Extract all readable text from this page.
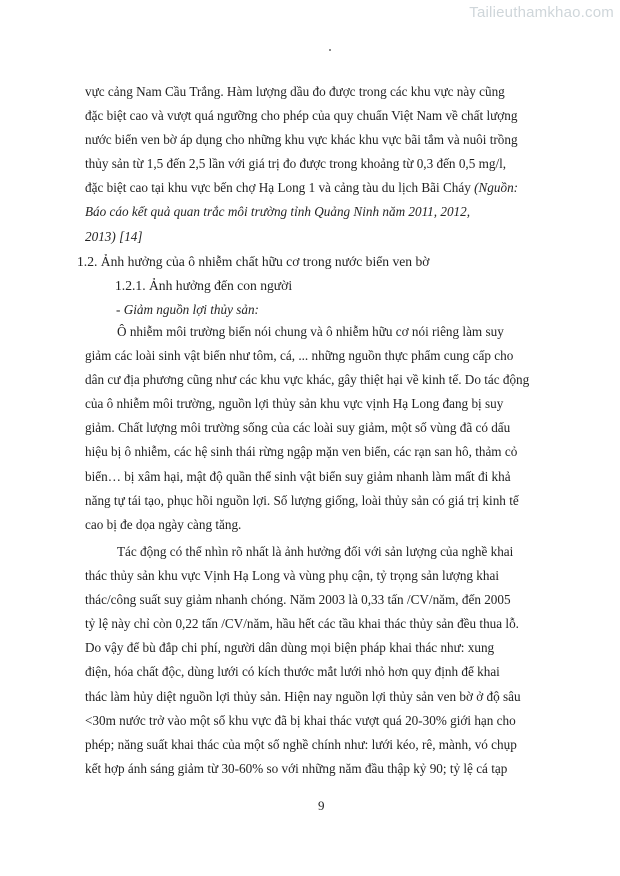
Tailieuthamkhao.com

vực cảng Nam Cầu Trắng. Hàm lượng dầu đo được trong các khu vực này cũng
đặc biệt cao và vượt quá ngưỡng cho phép của quy chuẩn Việt Nam về chất lượng
nước biển ven bờ áp dụng cho những khu vực khác khu vực bãi tắm và nuôi trồng
thủy sản từ 1,5 đến 2,5 lần với giá trị đo được trong khoảng từ 0,3 đến 0,5 mg/l,
đặc biệt cao tại khu vực bến chợ Hạ Long 1 và cảng tàu du lịch Bãi Cháy (Nguồn:
Báo cáo kết quả quan trắc môi trường tỉnh Quảng Ninh năm 2011, 2012,
2013) [14]

1.2. Ảnh hưởng của ô nhiễm chất hữu cơ trong nước biển ven bờ
1.2.1. Ảnh hưởng đến con người
- Giảm nguồn lợi thủy sản:

Ô nhiễm môi trường biển nói chung và ô nhiễm hữu cơ nói riêng làm suy
giảm các loài sinh vật biển như tôm, cá, ... những nguồn thực phẩm cung cấp cho
dân cư địa phương cũng như các khu vực khác, gây thiệt hại về kinh tế. Do tác động
của ô nhiễm môi trường, nguồn lợi thủy sản khu vực vịnh Hạ Long đang bị suy
giảm. Chất lượng môi trường sống của các loài suy giảm, một số vùng đã có dấu
hiệu bị ô nhiễm, các hệ sinh thái rừng ngập mặn ven biển, các rạn san hô, thảm cỏ
biển… bị xâm hại, mật độ quần thể sinh vật biển suy giảm nhanh làm mất đi khả
năng tự tái tạo, phục hồi nguồn lợi. Số lượng giống, loài thủy sản có giá trị kinh tế
cao bị đe dọa ngày càng tăng.

Tác động có thể nhìn rõ nhất là ảnh hưởng đối với sản lượng của nghề khai
thác thủy sản khu vực Vịnh Hạ Long và vùng phụ cận, tỷ trọng sản lượng khai
thác/công suất suy giảm nhanh chóng. Năm 2003 là 0,33 tấn /CV/năm, đến 2005
tỷ lệ này chỉ còn 0,22 tấn /CV/năm, hầu hết các tầu khai thác thủy sản đều thua lỗ.
Do vậy để bù đắp chi phí, người dân dùng mọi biện pháp khai thác như: xung
điện, hóa chất độc, dùng lưới có kích thước mắt lưới nhỏ hơn quy định để khai
thác làm hủy diệt nguồn lợi thủy sản. Hiện nay nguồn lợi thủy sản ven bờ ở độ sâu
<30m nước trở vào một số khu vực đã bị khai thác vượt quá 20-30% giới hạn cho
phép; năng suất khai thác của một số nghề chính như: lưới kéo, rê, mành, vó chụp
kết hợp ánh sáng giảm từ 30-60% so với những năm đầu thập kỷ 90; tỷ lệ cá tạp

9
